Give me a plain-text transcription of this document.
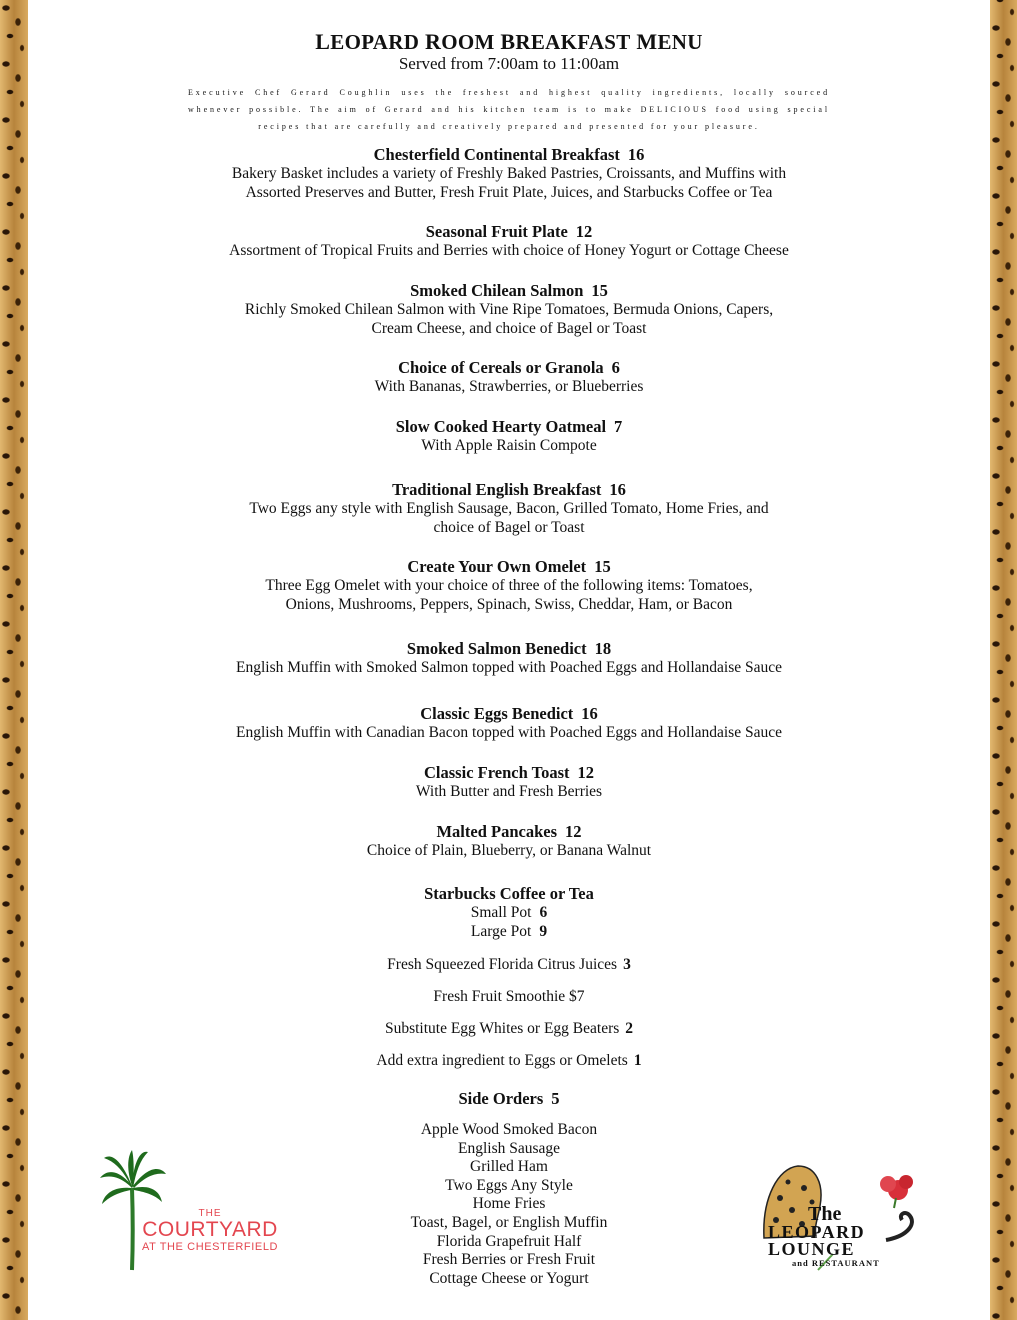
LEOPARD ROOM BREAKFAST MENU
Served from 7:00am to 11:00am
Executive Chef Gerard Coughlin uses the freshest and highest quality ingredients, locally sourced whenever possible. The aim of Gerard and his kitchen team is to make DELICIOUS food using special recipes that are carefully and creatively prepared and presented for your pleasure.
Chesterfield Continental Breakfast 16
Bakery Basket includes a variety of Freshly Baked Pastries, Croissants, and Muffins with
Assorted Preserves and Butter, Fresh Fruit Plate, Juices, and Starbucks Coffee or Tea
Seasonal Fruit Plate 12
Assortment of Tropical Fruits and Berries with choice of Honey Yogurt or Cottage Cheese
Smoked Chilean Salmon 15
Richly Smoked Chilean Salmon with Vine Ripe Tomatoes, Bermuda Onions, Capers,
Cream Cheese, and choice of Bagel or Toast
Choice of Cereals or Granola 6
With Bananas, Strawberries, or Blueberries
Slow Cooked Hearty Oatmeal 7
With Apple Raisin Compote
Traditional English Breakfast 16
Two Eggs any style with English Sausage, Bacon, Grilled Tomato, Home Fries, and
choice of Bagel or Toast
Create Your Own Omelet 15
Three Egg Omelet with your choice of three of the following items: Tomatoes,
Onions, Mushrooms, Peppers, Spinach, Swiss, Cheddar, Ham, or Bacon
Smoked Salmon Benedict 18
English Muffin with Smoked Salmon topped with Poached Eggs and Hollandaise Sauce
Classic Eggs Benedict 16
English Muffin with Canadian Bacon topped with Poached Eggs and Hollandaise Sauce
Classic French Toast 12
With Butter and Fresh Berries
Malted Pancakes 12
Choice of Plain, Blueberry, or Banana Walnut
Starbucks Coffee or Tea
Small Pot 6
Large Pot 9
Fresh Squeezed Florida Citrus Juices 3
Fresh Fruit Smoothie $7
Substitute Egg Whites or Egg Beaters 2
Add extra ingredient to Eggs or Omelets 1
Side Orders 5
Apple Wood Smoked Bacon
English Sausage
Grilled Ham
Two Eggs Any Style
Home Fries
Toast, Bagel, or English Muffin
Florida Grapefruit Half
Fresh Berries or Fresh Fruit
Cottage Cheese or Yogurt
THE
COURTYARD
AT THE CHESTERFIELD
The
LEOPARD
LOUNGE
and RESTAURANT
